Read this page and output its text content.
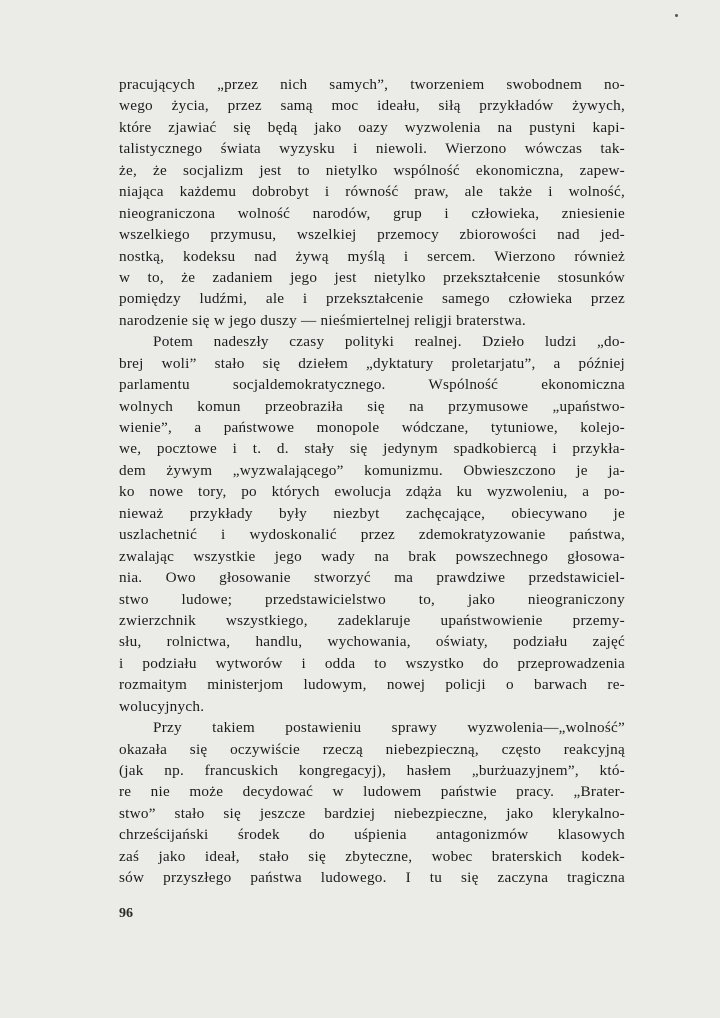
pracujących „przez nich samych”, tworzeniem swobodnem no-
wego życia, przez samą moc ideału, siłą przykładów żywych,
które zjawiać się będą jako oazy wyzwolenia na pustyni kapi-
talistycznego świata wyzysku i niewoli. Wierzono wówczas tak-
że, że socjalizm jest to nietylko wspólność ekonomiczna, zapew-
niająca każdemu dobrobyt i równość praw, ale także i wolność,
nieograniczona wolność narodów, grup i człowieka, zniesienie
wszelkiego przymusu, wszelkiej przemocy zbiorowości nad jed-
nostką, kodeksu nad żywą myślą i sercem. Wierzono również
w to, że zadaniem jego jest nietylko przekształcenie stosunków
pomiędzy ludźmi, ale i przekształcenie samego człowieka przez
narodzenie się w jego duszy — nieśmiertelnej religji braterstwa.
Potem nadeszły czasy polityki realnej. Dzieło ludzi „do-
brej woli” stało się dziełem „dyktatury proletarjatu”, a później
parlamentu socjaldemokratycznego. Wspólność ekonomiczna
wolnych komun przeobraziła się na przymusowe „upaństwo-
wienie”, a państwowe monopole wódczane, tytuniowe, kolejo-
we, pocztowe i t. d. stały się jedynym spadkobiercą i przykła-
dem żywym „wyzwalającego” komunizmu. Obwieszczono je ja-
ko nowe tory, po których ewolucja zdąża ku wyzwoleniu, a po-
nieważ przykłady były niezbyt zachęcające, obiecywano je
uszlachetnić i wydoskonalić przez zdemokratyzowanie państwa,
zwalając wszystkie jego wady na brak powszechnego głosowa-
nia. Owo głosowanie stworzyć ma prawdziwe przedstawiciel-
stwo ludowe; przedstawicielstwo to, jako nieograniczony
zwierzchnik wszystkiego, zadeklaruje upaństwowienie przemy-
słu, rolnictwa, handlu, wychowania, oświaty, podziału zajęć
i podziału wytworów i odda to wszystko do przeprowadzenia
rozmaitym ministerjom ludowym, nowej policji o barwach re-
wolucyjnych.
Przy takiem postawieniu sprawy wyzwolenia—„wolność”
okazała się oczywiście rzeczą niebezpieczną, często reakcyjną
(jak np. francuskich kongregacyj), hasłem „burżuazyjnem”, któ-
re nie może decydować w ludowem państwie pracy. „Brater-
stwo” stało się jeszcze bardziej niebezpieczne, jako klerykalno-
chrześcijański środek do uśpienia antagonizmów klasowych
zaś jako ideał, stało się zbyteczne, wobec braterskich kodek-
sów przyszłego państwa ludowego. I tu się zaczyna tragiczna
96
